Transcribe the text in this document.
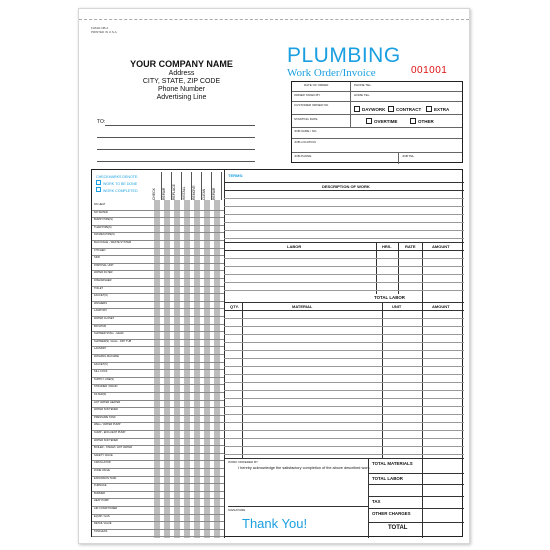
FLB1D-NB-4
PRINTED IN U.S.A.
YOUR COMPANY NAME
Address
CITY, STATE, ZIP CODE
Phone Number
Advertising Line
PLUMBING
Work Order/Invoice	001001
TO:
DATE OF ORDER	PHONE TEL.
ORDER TAKEN BY	HOME TEL.
CUSTOMER ORDER NO.
STARTING DATE
DAYWORK	CONTRACT	EXTRA
OVERTIME	OTHER
JOB NAME / NO.
JOB LOCATION
JOB PHONE	JOB TEL.
CHECKMARKS DENOTE:
WORK TO BE DONE
WORK COMPLETED	CHECK	REPAIR	REPLACE	INSTALL	REMOVE	CLEAN	REPAIR
NO HEAT
NO WATER
BURST PIPE(S)
THAW PIPE(S)
FROZEN PIPE(S)
BLOCKAGE - WASTE SYSTEM
KITCHEN
SINK
DISPOSAL UNIT
WATER FILTER
DISHWASHER
TOILET
FAUCET(S)
WASHERS
LAVATORY
WATER CLOSET
BATHTUB
SHOWER STALL - HEAD
SHOWER(S) / HALL - DRY TUB
LAUNDRY
WASHING MACHINE
FAUCET(S)
SILL COCK
SUPPLY LINE(S)
STRAINER / DRAIN
FILTER(S)
HOT WATER HEATER
WATER SOFTENER
PRESSURE TANK
WELL / WATER PUMP
SUMP - EFFLUENT PUMP
WATER SOFTENER
BOILER - STEAM / HOT WATER
SAFETY VALVE
CIRCULATOR
ZONE VALVE
EXPANSION TANK
FURNACE
BURNER
HEAT PUMP
AIR CONDITIONER
EQUIP / GAS
RETAIL VALVE
TANKLESS
TERMS:
DESCRIPTION OF WORK
LABOR	HRS.	RATE	AMOUNT
TOTAL LABOR
QTY.	MATERIAL	UNIT	AMOUNT
WORK ORDERED BY
I hereby acknowledge the satisfactory completion of the above described work.
SIGNATURE
Thank You!
TOTAL MATERIALS
TOTAL LABOR
TAX
OTHER CHARGES
TOTAL
